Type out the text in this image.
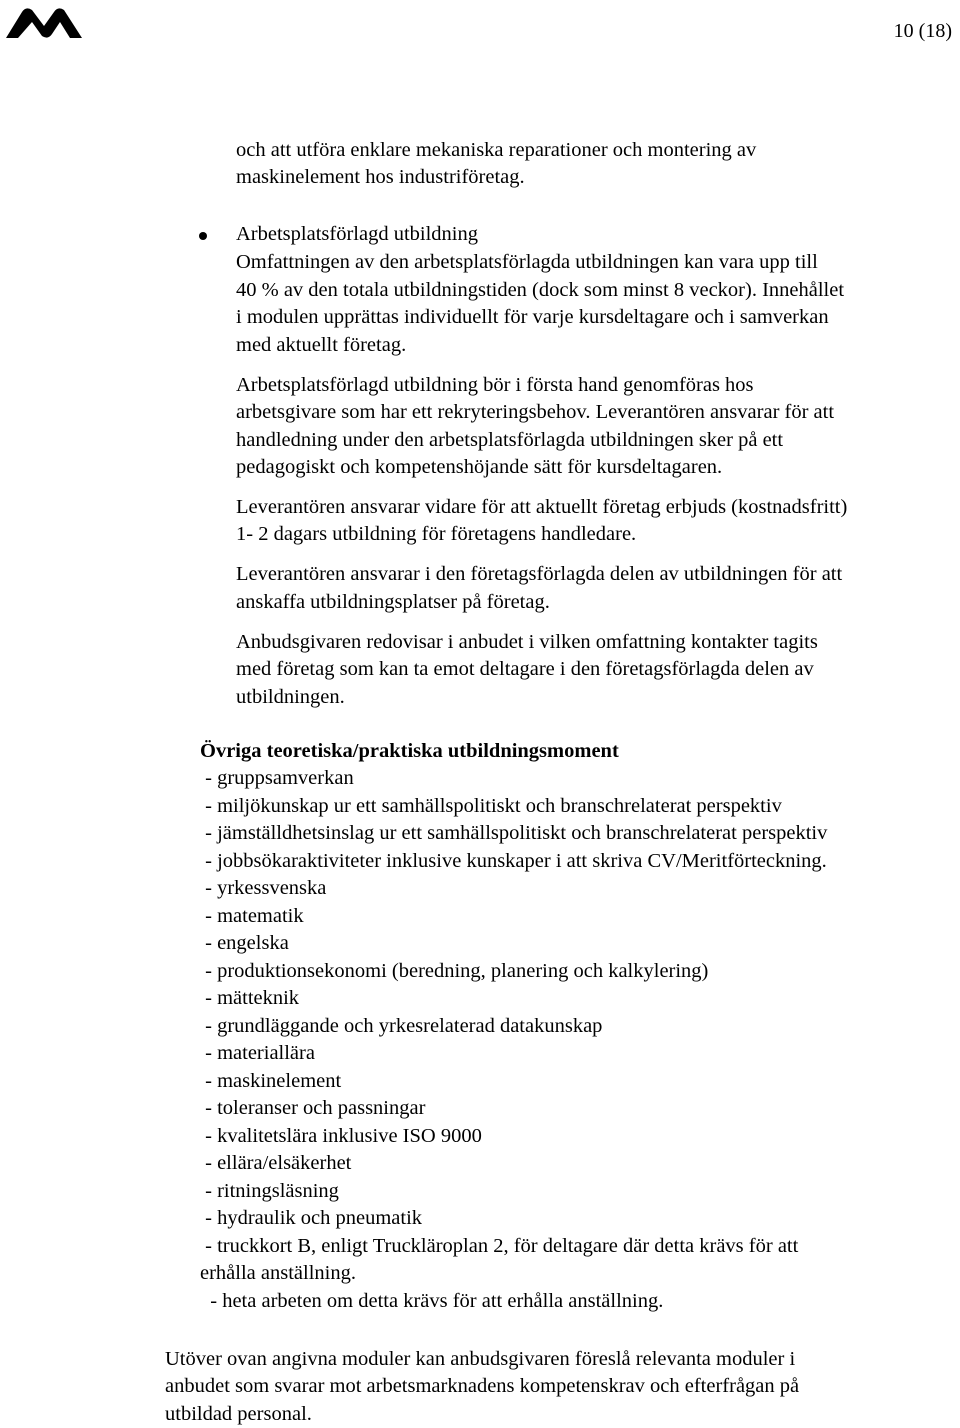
10 (18)
och att utföra enklare mekaniska reparationer och montering av
maskinelement hos industriföretag.
Arbetsplatsförlagd utbildning
Omfattningen av den arbetsplatsförlagda utbildningen kan vara upp till
40 % av den totala utbildningstiden (dock som minst 8 veckor). Innehållet
i modulen upprättas individuellt för varje kursdeltagare och i samverkan
med aktuellt företag.
Arbetsplatsförlagd utbildning bör i första hand genomföras hos
arbetsgivare som har ett rekryteringsbehov. Leverantören ansvarar för att
handledning under den arbetsplatsförlagda utbildningen sker på ett
pedagogiskt och kompetenshöjande sätt för kursdeltagaren.
Leverantören ansvarar vidare för att aktuellt företag erbjuds (kostnadsfritt)
1- 2 dagars utbildning för företagens handledare.
Leverantören ansvarar i den företagsförlagda delen av utbildningen för att
anskaffa utbildningsplatser på företag.
Anbudsgivaren redovisar i anbudet i vilken omfattning kontakter tagits
med företag som kan ta emot deltagare i den företagsförlagda delen av
utbildningen.
Övriga teoretiska/praktiska utbildningsmoment
- gruppsamverkan
- miljökunskap ur ett samhällspolitiskt och branschrelaterat perspektiv
- jämställdhetsinslag ur ett samhällspolitiskt och branschrelaterat perspektiv
- jobbsökaraktiviteter inklusive kunskaper i att skriva CV/Meritförteckning.
- yrkessvenska
- matematik
- engelska
- produktionsekonomi (beredning, planering och kalkylering)
- mätteknik
- grundläggande och yrkesrelaterad datakunskap
- materiallära
- maskinelement
- toleranser och passningar
- kvalitetslära inklusive ISO 9000
- ellära/elsäkerhet
- ritningsläsning
- hydraulik och pneumatik
- truckkort B, enligt Truckläroplan 2, för deltagare där detta krävs för att
erhålla anställning.
- heta arbeten om detta krävs för att erhålla anställning.
Utöver ovan angivna moduler kan anbudsgivaren föreslå relevanta moduler i
anbudet som svarar mot arbetsmarknadens kompetenskrav och efterfrågan på
utbildad personal.
